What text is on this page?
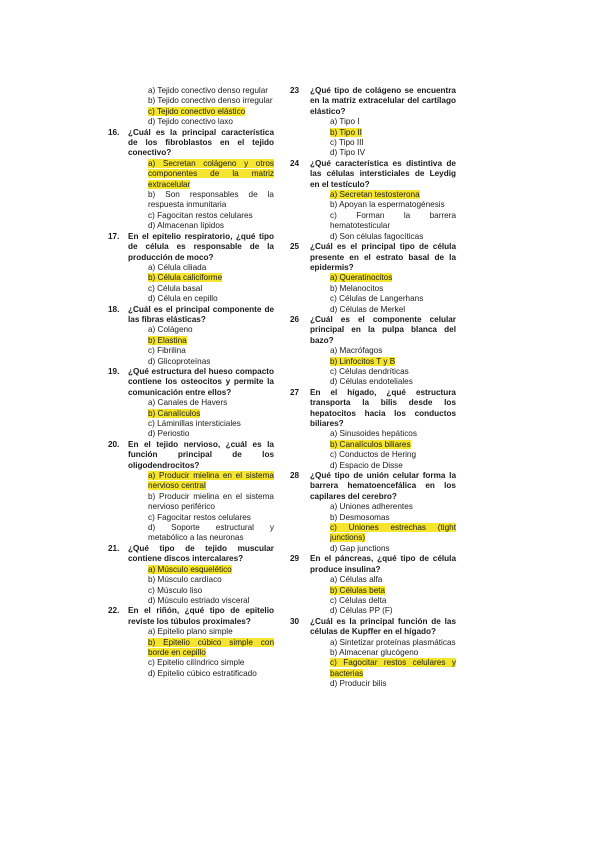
a) Tejido conectivo denso regular
b) Tejido conectivo denso irregular
c) Tejido conectivo elástico
d) Tejido conectivo laxo
16. ¿Cuál es la principal característica de los fibroblastos en el tejido conectivo?
a) Secretan colágeno y otros componentes de la matriz extracelular
b) Son responsables de la respuesta inmunitaria
c) Fagocitan restos celulares
d) Almacenan lípidos
17. En el epitelio respiratorio, ¿qué tipo de célula es responsable de la producción de moco?
a) Célula ciliada
b) Célula caliciforme
c) Célula basal
d) Célula en cepillo
18. ¿Cuál es el principal componente de las fibras elásticas?
a) Colágeno
b) Elastina
c) Fibrilina
d) Glicoproteínas
19. ¿Qué estructura del hueso compacto contiene los osteocitos y permite la comunicación entre ellos?
a) Canales de Havers
b) Canalículos
c) Láminillas intersticiales
d) Periostio
20. En el tejido nervioso, ¿cuál es la función principal de los oligodendrocitos?
a) Producir mielina en el sistema nervioso central
b) Producir mielina en el sistema nervioso periférico
c) Fagocitar restos celulares
d) Soporte estructural y metabólico a las neuronas
21. ¿Qué tipo de tejido muscular contiene discos intercalares?
a) Músculo esquelético
b) Músculo cardíaco
c) Músculo liso
d) Músculo estriado visceral
22. En el riñón, ¿qué tipo de epitelio reviste los túbulos proximales?
a) Epitelio plano simple
b) Epitelio cúbico simple con borde en cepillo
c) Epitelio cilíndrico simple
d) Epitelio cúbico estratificado
23 ¿Qué tipo de colágeno se encuentra en la matriz extracelular del cartílago elástico?
a) Tipo I
b) Tipo II
c) Tipo III
d) Tipo IV
24 ¿Qué característica es distintiva de las células intersticiales de Leydig en el testículo?
a) Secretan testosterona
b) Apoyan la espermatogénesis
c) Forman la barrera hematotesticular
d) Son células fagocíticas
25 ¿Cuál es el principal tipo de célula presente en el estrato basal de la epidermis?
a) Queratinocitos
b) Melanocitos
c) Células de Langerhans
d) Células de Merkel
26 ¿Cuál es el componente celular principal en la pulpa blanca del bazo?
a) Macrófagos
b) Linfocitos T y B
c) Células dendríticas
d) Células endoteliales
27 En el hígado, ¿qué estructura transporta la bilis desde los hepatocitos hacia los conductos biliares?
a) Sinusoides hepáticos
b) Canalículos biliares
c) Conductos de Hering
d) Espacio de Disse
28 ¿Qué tipo de unión celular forma la barrera hematoencefálica en los capilares del cerebro?
a) Uniones adherentes
b) Desmosomas
c) Uniones estrechas (tight junctions)
d) Gap junctions
29 En el páncreas, ¿qué tipo de célula produce insulina?
a) Células alfa
b) Células beta
c) Células delta
d) Células PP (F)
30 ¿Cuál es la principal función de las células de Kupffer en el hígado?
a) Sintetizar proteínas plasmáticas
b) Almacenar glucógeno
c) Fagocitar restos celulares y bacterias
d) Producir bilis
